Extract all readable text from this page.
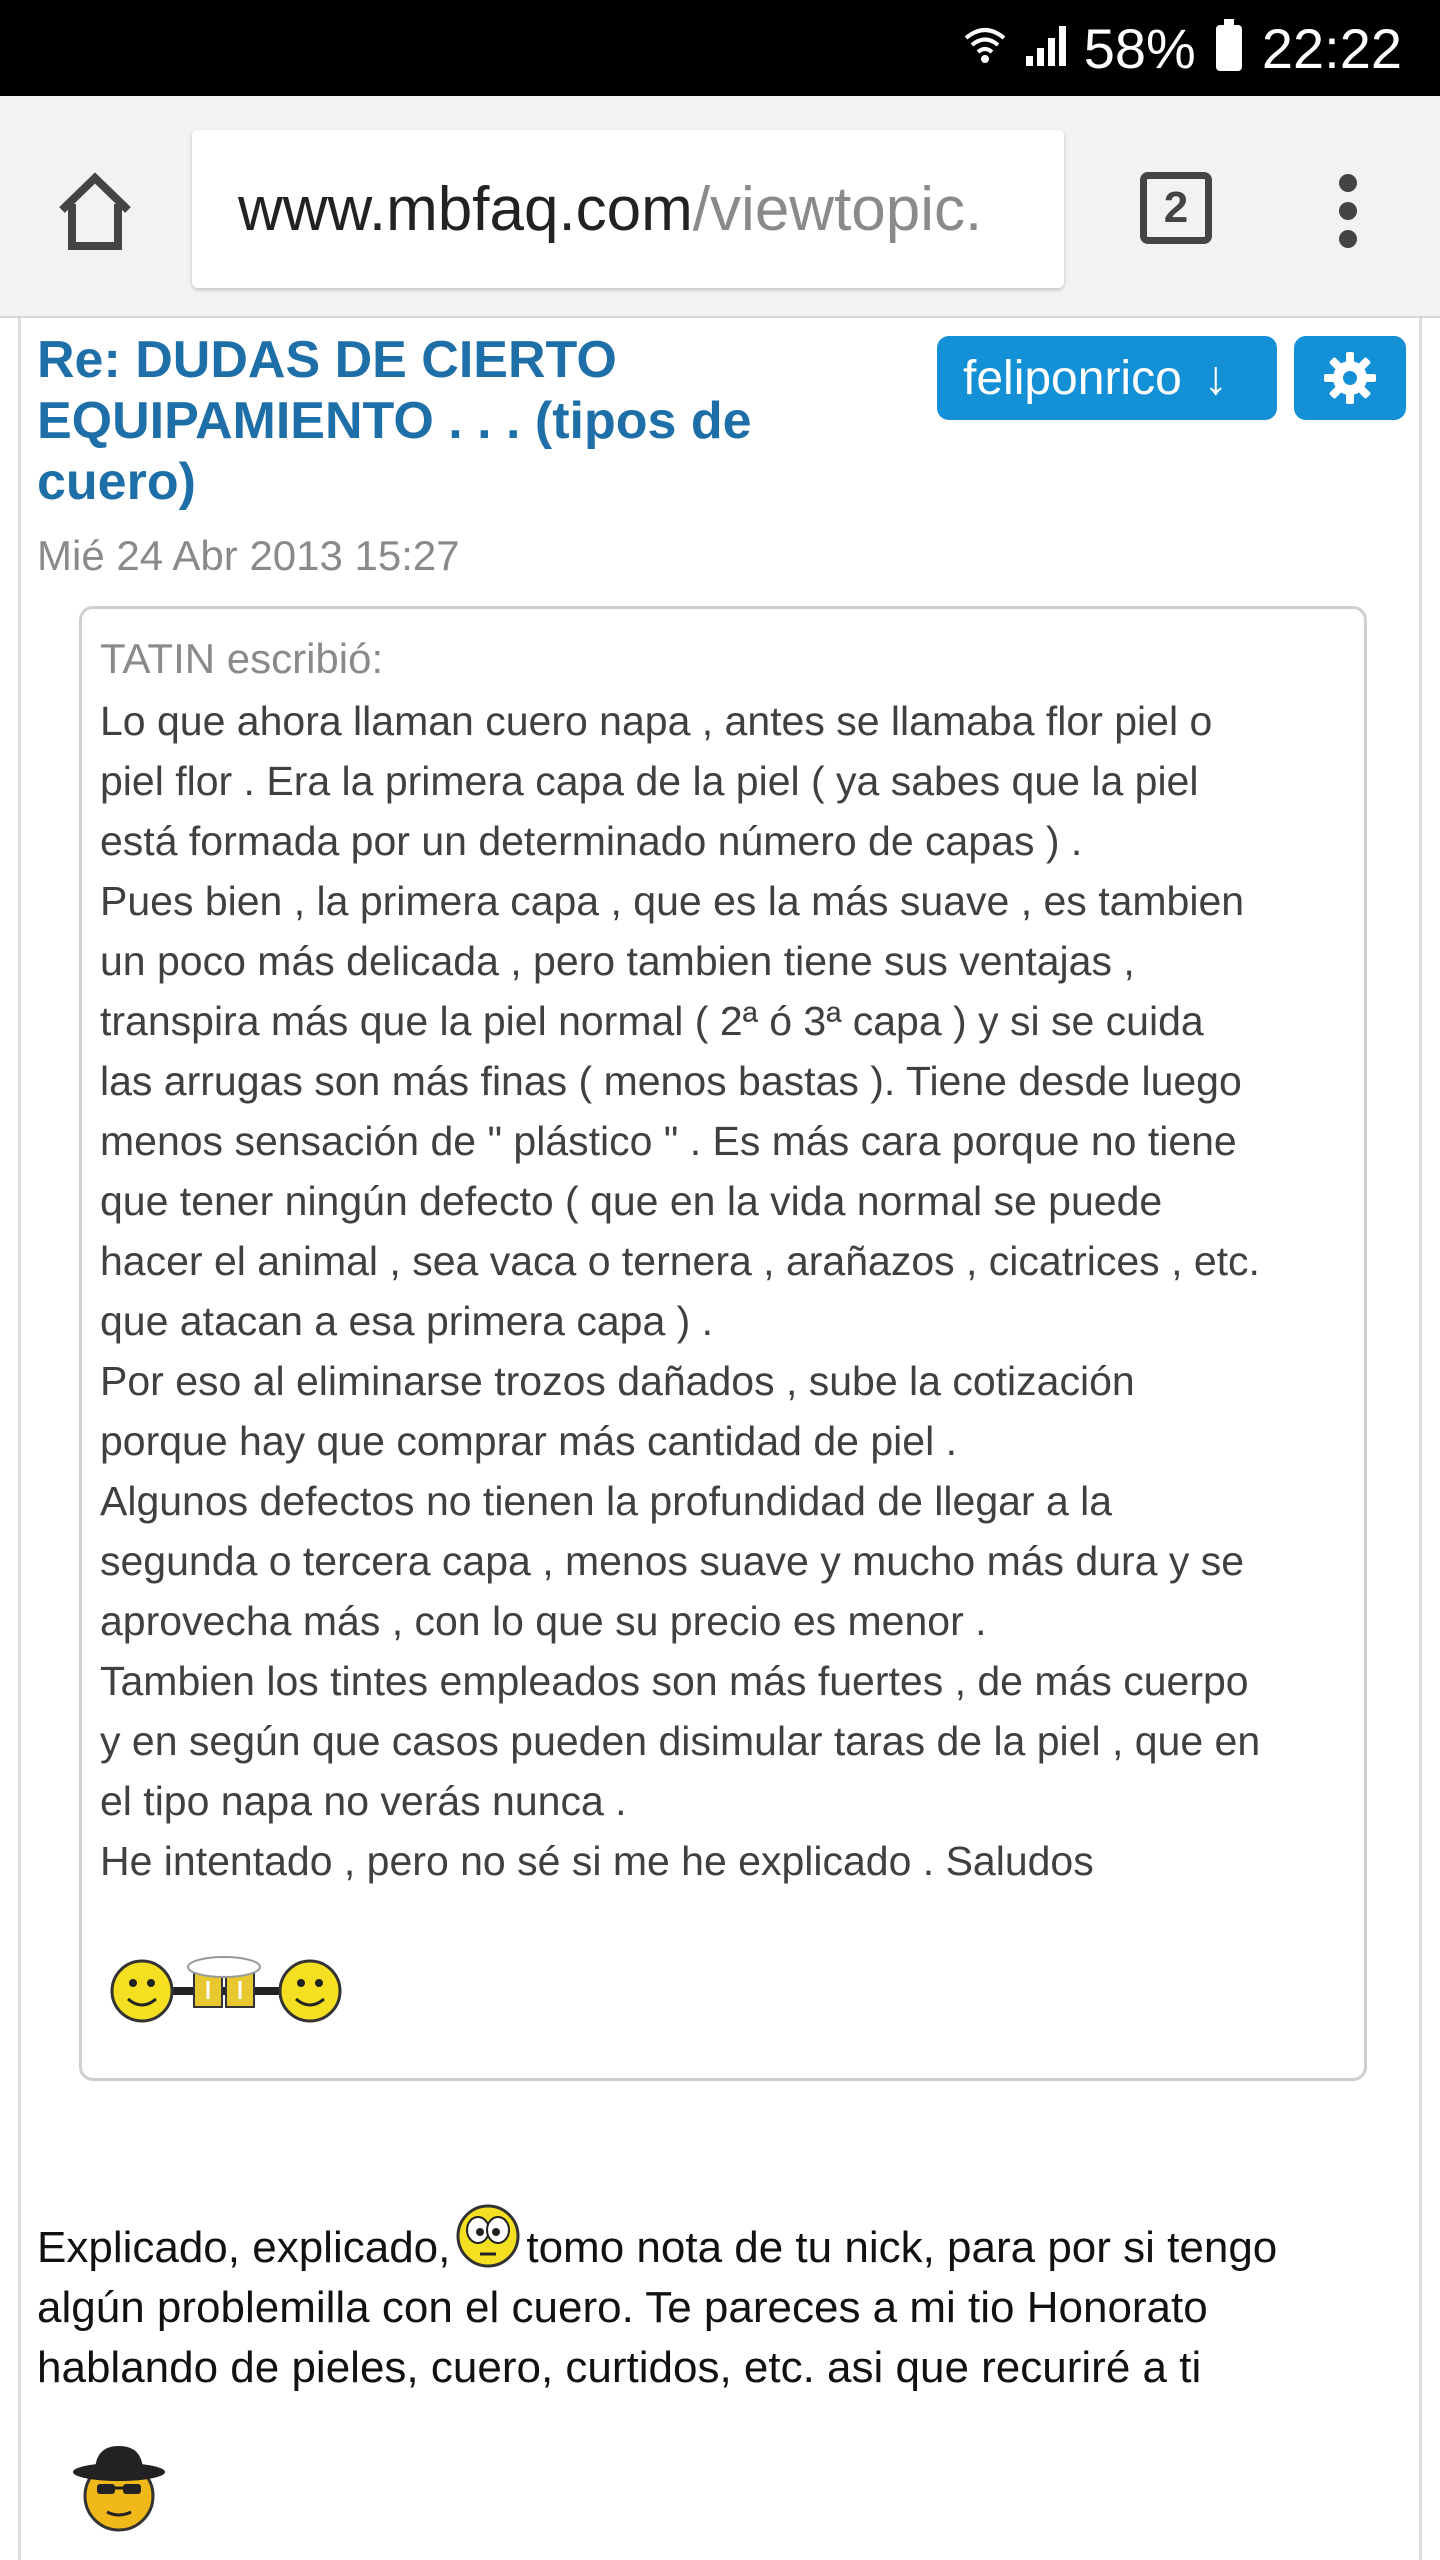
58% 22:22
www.mbfaq.com /viewtopic.	2
Re: DUDAS DE CIERTO
EQUIPAMIENTO . . . (tipos de
cuero)
feliponrico ↓
Mié 24 Abr 2013 15:27
TATIN escribió:
Lo que ahora llaman cuero napa , antes se llamaba flor piel o
piel flor . Era la primera capa de la piel ( ya sabes que la piel
está formada por un determinado número de capas ) .
Pues bien , la primera capa , que es la más suave , es tambien
un poco más delicada , pero tambien tiene sus ventajas ,
transpira más que la piel normal ( 2ª ó 3ª capa ) y si se cuida
las arrugas son más finas ( menos bastas ). Tiene desde luego
menos sensación de " plástico " . Es más cara porque no tiene
que tener ningún defecto ( que en la vida normal se puede
hacer el animal , sea vaca o ternera , arañazos , cicatrices , etc.
que atacan a esa primera capa ) .
Por eso al eliminarse trozos dañados , sube la cotización
porque hay que comprar más cantidad de piel .
Algunos defectos no tienen la profundidad de llegar a la
segunda o tercera capa , menos suave y mucho más dura y se
aprovecha más , con lo que su precio es menor .
Tambien los tintes empleados son más fuertes , de más cuerpo
y en según que casos pueden disimular taras de la piel , que en
el tipo napa no verás nunca .
He intentado , pero no sé si me he explicado . Saludos
Explicado, explicado, tomo nota de tu nick, para por si tengo
algún problemilla con el cuero. Te pareces a mi tio Honorato
hablando de pieles, cuero, curtidos, etc. asi que recuriré a ti
